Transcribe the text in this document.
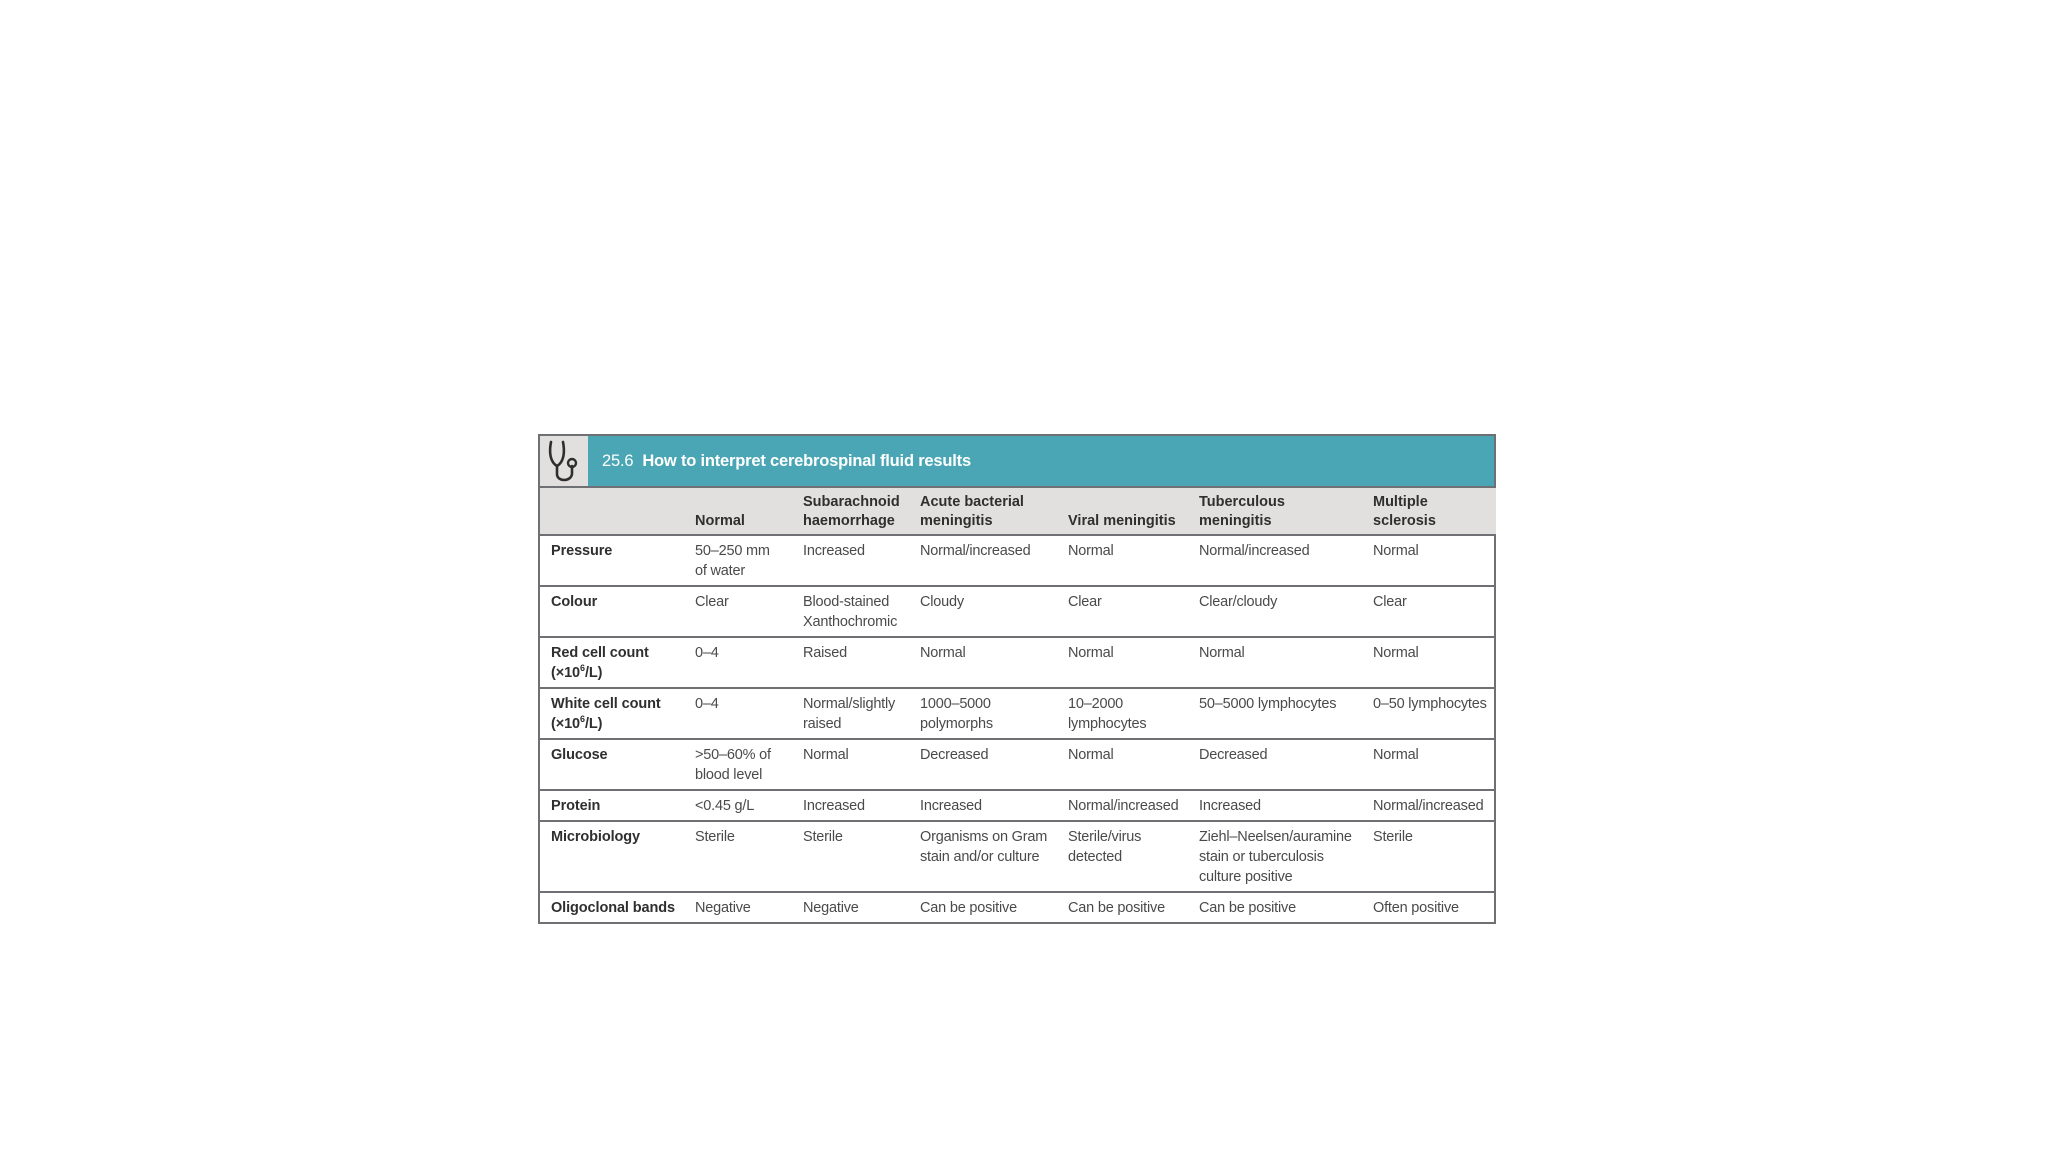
25.6 How to interpret cerebrospinal fluid results

	Normal	Subarachnoid
haemorrhage	Acute bacterial
meningitis	Viral meningitis	Tuberculous
meningitis	Multiple
sclerosis

Pressure	50–250 mm
of water	Increased	Normal/increased	Normal	Normal/increased	Normal

Colour	Clear	Blood-stained
Xanthochromic	Cloudy	Clear	Clear/cloudy	Clear

Red cell count
$(\times 10^6/L)$	0–4	Raised	Normal	Normal	Normal	Normal

White cell count
$(\times 10^6/L)$	0–4	Normal/slightly
raised	1000–5000
polymorphs	10–2000
lymphocytes	50–5000 lymphocytes	0–50 lymphocytes

Glucose	>50–60% of
blood level	Normal	Decreased	Normal	Decreased	Normal

Protein	<0.45 g/L	Increased	Increased	Normal/increased	Increased	Normal/increased

Microbiology	Sterile	Sterile	Organisms on Gram
stain and/or culture	Sterile/virus
detected	Ziehl–Neelsen/auramine
stain or tuberculosis
culture positive	Sterile

Oligoclonal bands	Negative	Negative	Can be positive	Can be positive	Can be positive	Often positive
